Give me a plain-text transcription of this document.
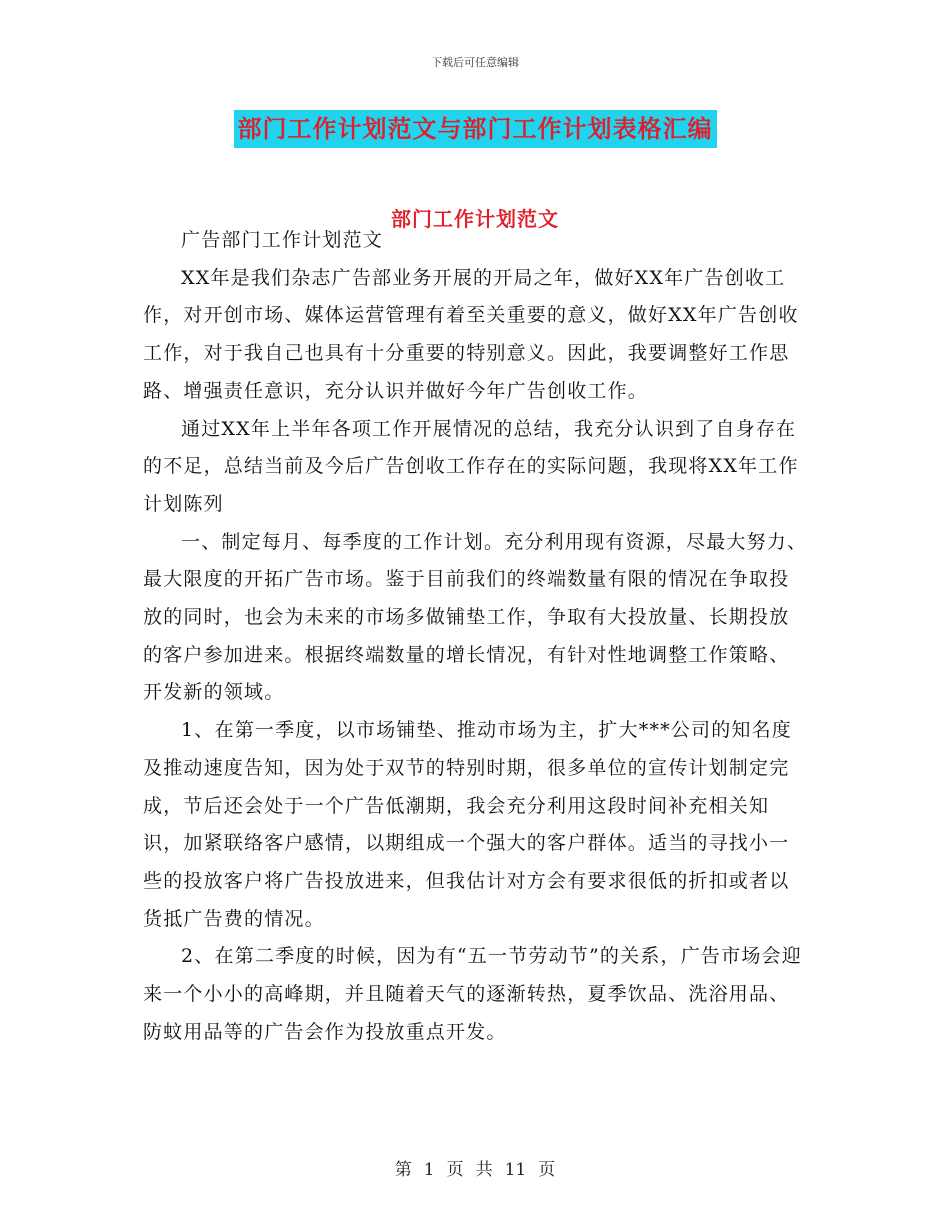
下载后可任意编辑
部门工作计划范文与部门工作计划表格汇编
部门工作计划范文

广告部门工作计划范文

XX年是我们杂志广告部业务开展的开局之年，做好XX年广告创收工作，对开创市场、媒体运营管理有着至关重要的意义，做好XX年广告创收工作，对于我自己也具有十分重要的特别意义。因此，我要调整好工作思路、增强责任意识，充分认识并做好今年广告创收工作。

通过XX年上半年各项工作开展情况的总结，我充分认识到了自身存在的不足，总结当前及今后广告创收工作存在的实际问题，我现将XX年工作计划陈列

一、制定每月、每季度的工作计划。充分利用现有资源，尽最大努力、最大限度的开拓广告市场。鉴于目前我们的终端数量有限的情况在争取投放的同时，也会为未来的市场多做铺垫工作，争取有大投放量、长期投放的客户参加进来。根据终端数量的增长情况，有针对性地调整工作策略、开发新的领域。

1、在第一季度，以市场铺垫、推动市场为主，扩大***公司的知名度及推动速度告知，因为处于双节的特别时期，很多单位的宣传计划制定完成，节后还会处于一个广告低潮期，我会充分利用这段时间补充相关知识，加紧联络客户感情，以期组成一个强大的客户群体。适当的寻找小一些的投放客户将广告投放进来，但我估计对方会有要求很低的折扣或者以货抵广告费的情况。

2、在第二季度的时候，因为有“五一节劳动节”的关系，广告市场会迎来一个小小的高峰期，并且随着天气的逐渐转热，夏季饮品、洗浴用品、防蚊用品等的广告会作为投放重点开发。

第 1 页 共 11 页
